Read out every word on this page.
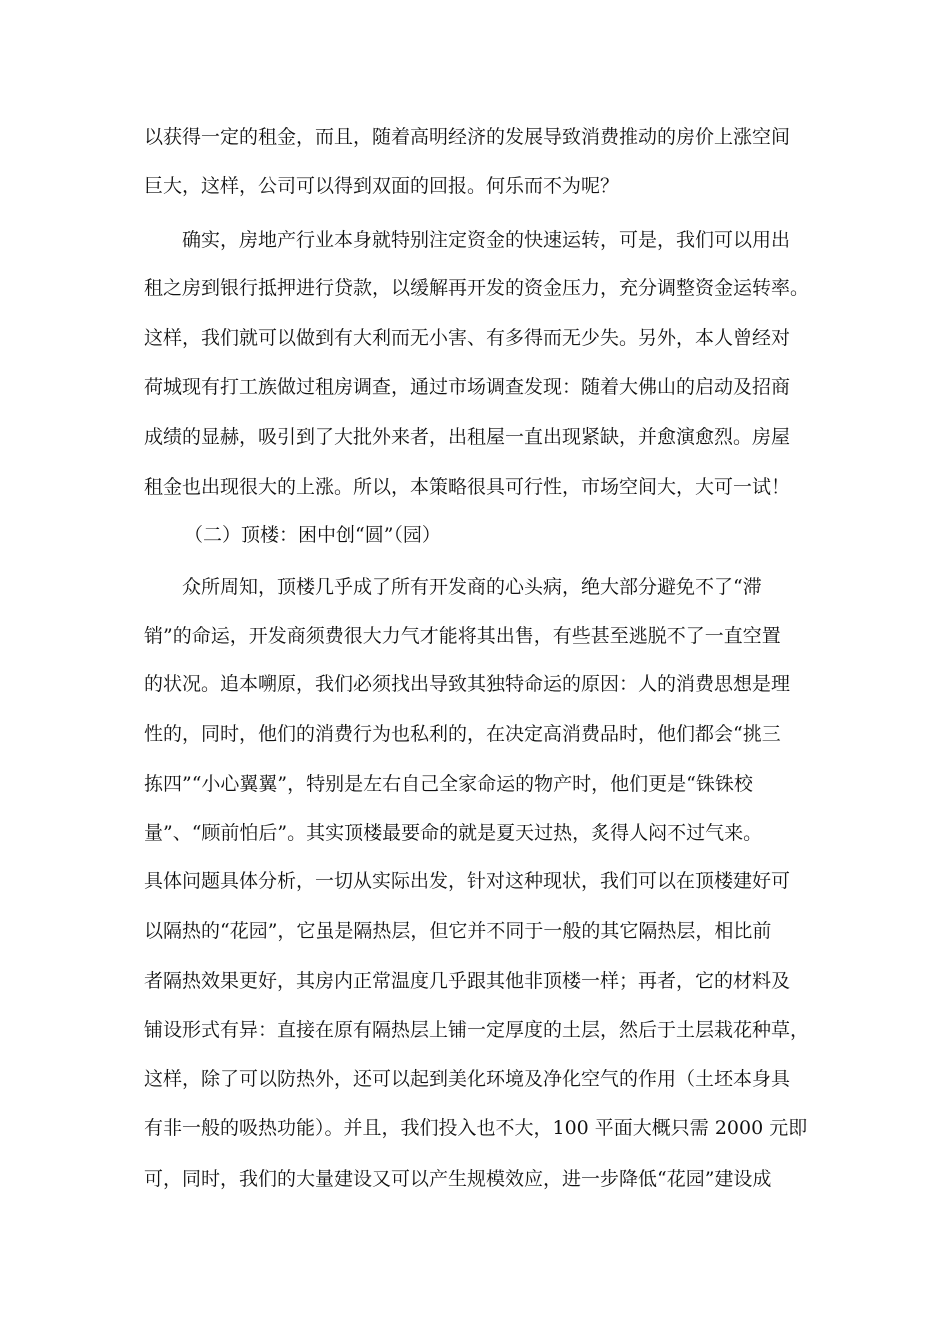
以获得一定的租金，而且，随着高明经济的发展导致消费推动的房价上涨空间
巨大，这样，公司可以得到双面的回报。何乐而不为呢？
确实，房地产行业本身就特别注定资金的快速运转，可是，我们可以用出
租之房到银行抵押进行贷款，以缓解再开发的资金压力，充分调整资金运转率。
这样，我们就可以做到有大利而无小害、有多得而无少失。另外，本人曾经对
荷城现有打工族做过租房调查，通过市场调查发现：随着大佛山的启动及招商
成绩的显赫，吸引到了大批外来者，出租屋一直出现紧缺，并愈演愈烈。房屋
租金也出现很大的上涨。所以，本策略很具可行性，市场空间大，大可一试！
（二）顶楼：困中创“圆”（园）
众所周知，顶楼几乎成了所有开发商的心头病，绝大部分避免不了“滞
销”的命运，开发商须费很大力气才能将其出售，有些甚至逃脱不了一直空置
的状况。追本嗍原，我们必须找出导致其独特命运的原因：人的消费思想是理
性的，同时，他们的消费行为也私利的，在决定高消费品时，他们都会“挑三
拣四”“小心翼翼”，特别是左右自己全家命运的物产时，他们更是“铢铢校
量”、“顾前怕后”。其实顶楼最要命的就是夏天过热，炙得人闷不过气来。
具体问题具体分析，一切从实际出发，针对这种现状，我们可以在顶楼建好可
以隔热的“花园”，它虽是隔热层，但它并不同于一般的其它隔热层，相比前
者隔热效果更好，其房内正常温度几乎跟其他非顶楼一样；再者，它的材料及
铺设形式有异：直接在原有隔热层上铺一定厚度的土层，然后于土层栽花种草，
这样，除了可以防热外，还可以起到美化环境及净化空气的作用（土坯本身具
有非一般的吸热功能）。并且，我们投入也不大，100 平面大概只需 2000 元即
可，同时，我们的大量建设又可以产生规模效应，进一步降低“花园”建设成
